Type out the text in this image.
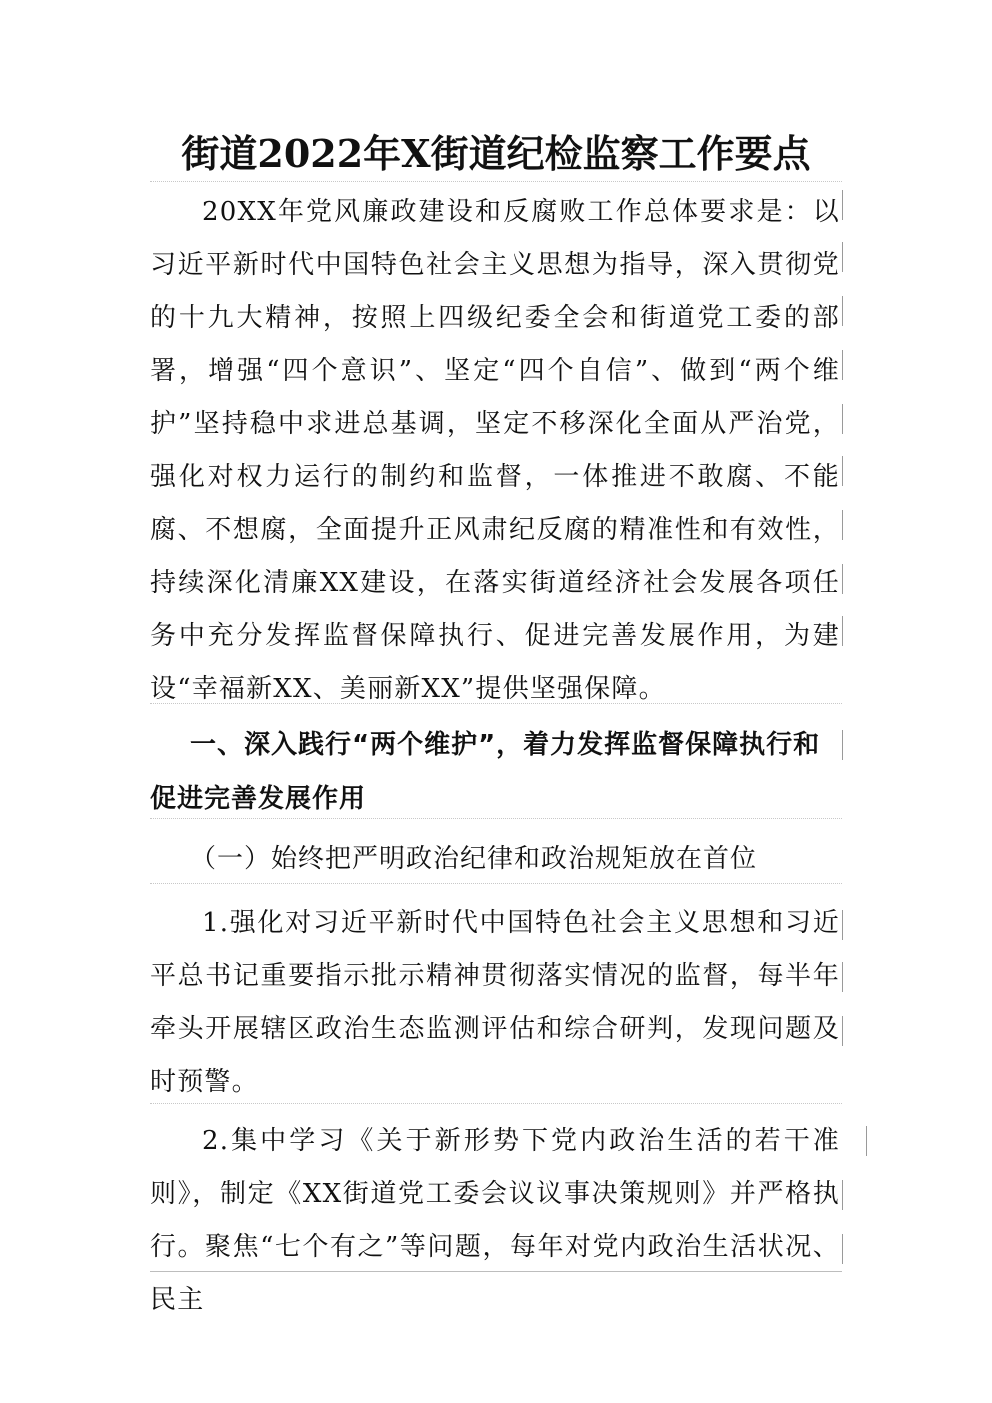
街道2022年X街道纪检监察工作要点

20XX年党风廉政建设和反腐败工作总体要求是：以习近平新时代中国特色社会主义思想为指导，深入贯彻党的十九大精神，按照上四级纪委全会和街道党工委的部署，增强“四个意识”、坚定“四个自信”、做到“两个维护”坚持稳中求进总基调，坚定不移深化全面从严治党，强化对权力运行的制约和监督，一体推进不敢腐、不能腐、不想腐，全面提升正风肃纪反腐的精准性和有效性，持续深化清廉XX建设，在落实街道经济社会发展各项任务中充分发挥监督保障执行、促进完善发展作用，为建设“幸福新XX、美丽新XX”提供坚强保障。

一、深入践行“两个维护”，着力发挥监督保障执行和促进完善发展作用

（一）始终把严明政治纪律和政治规矩放在首位

1.强化对习近平新时代中国特色社会主义思想和习近平总书记重要指示批示精神贯彻落实情况的监督，每半年牵头开展辖区政治生态监测评估和综合研判，发现问题及时预警。

2.集中学习《关于新形势下党内政治生活的若干准则》，制定《XX街道党工委会议议事决策规则》并严格执行。聚焦“七个有之”等问题，每年对党内政治生活状况、民主
